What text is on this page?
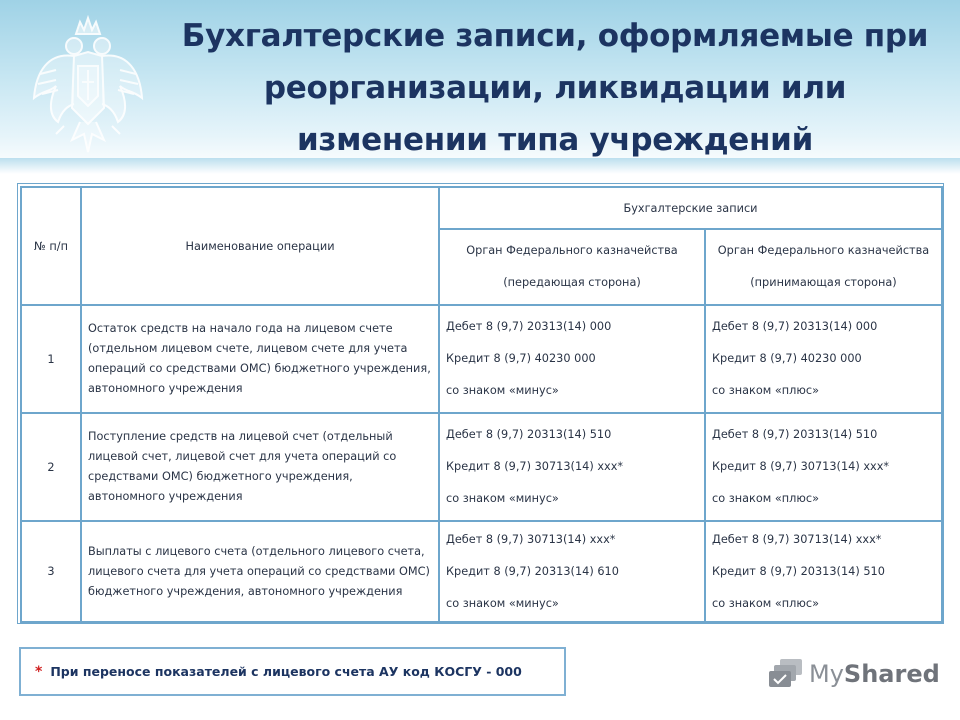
Бухгалтерские записи, оформляемые при
реорганизации, ликвидации или
изменении типа учреждений
№ п/п	Наименование операции	Бухгалтерские записи	

		Орган Федерального казначейства
(передающая сторона)	Орган Федерального казначейства
(принимающая сторона)

1	Остаток средств на начало года на лицевом счете (отдельном лицевом счете, лицевом счете для учета операций со средствами ОМС) бюджетного учреждения, автономного учреждения	Дебет 8 (9,7) 20313(14) 000
Кредит 8 (9,7) 40230 000
со знаком «минус»	Дебет 8 (9,7) 20313(14) 000
Кредит 8 (9,7) 40230 000
со знаком «плюс»

2	Поступление средств на лицевой счет (отдельный лицевой счет, лицевой счет для учета операций со средствами ОМС) бюджетного учреждения, автономного учреждения	Дебет 8 (9,7) 20313(14) 510
Кредит 8 (9,7) 30713(14) ххх*
со знаком «минус»	Дебет 8 (9,7) 20313(14) 510
Кредит 8 (9,7) 30713(14) ххх*
со знаком «плюс»

3	Выплаты с лицевого счета (отдельного лицевого счета, лицевого счета для учета операций со средствами ОМС) бюджетного учреждения, автономного учреждения	Дебет 8 (9,7) 30713(14) ххх*
Кредит 8 (9,7) 20313(14) 610
со знаком «минус»	Дебет 8 (9,7) 30713(14) ххх*
Кредит 8 (9,7) 20313(14) 510
со знаком «плюс»
* При переносе показателей с лицевого счета АУ код КОСГУ - 000	MyShared
